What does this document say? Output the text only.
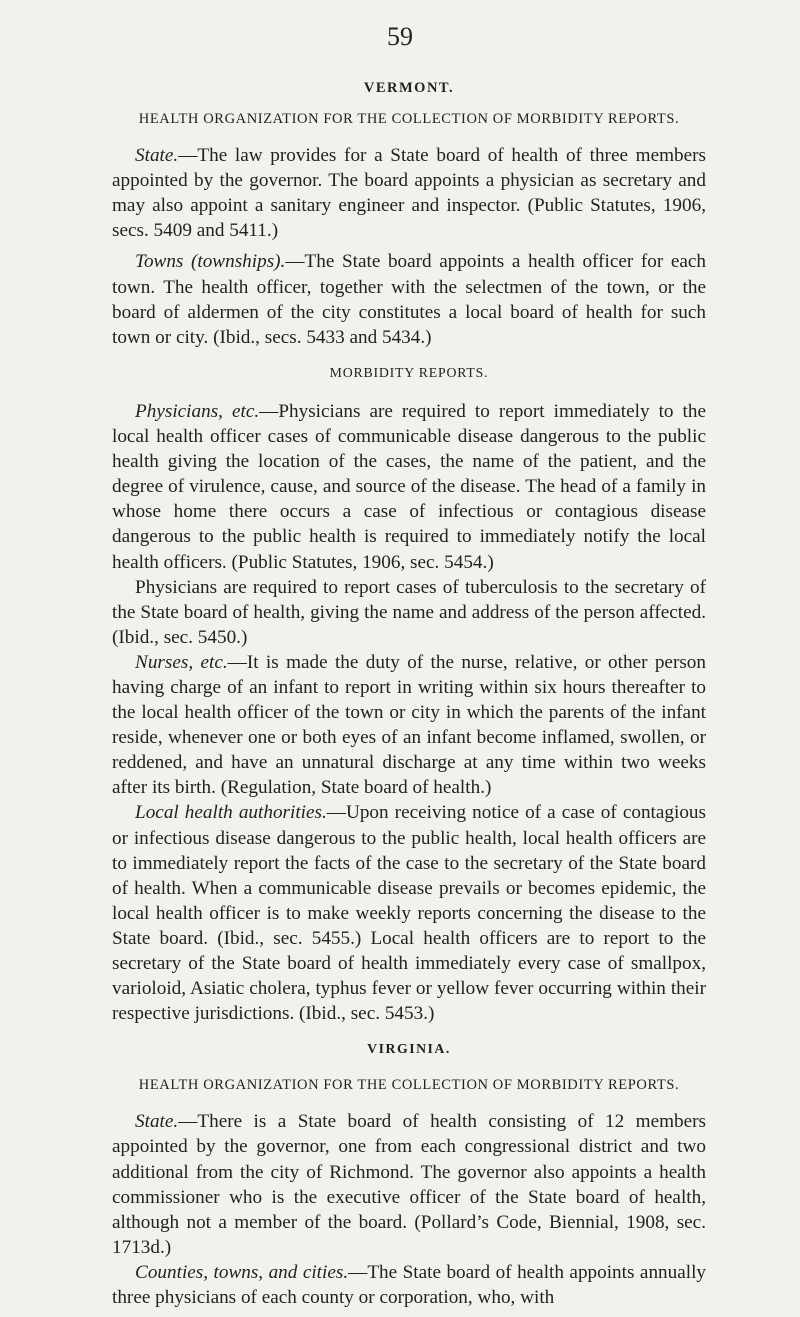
59
VERMONT.
HEALTH ORGANIZATION FOR THE COLLECTION OF MORBIDITY REPORTS.

State.—The law provides for a State board of health of three members appointed by the governor. The board appoints a physician as secretary and may also appoint a sanitary engineer and inspector. (Public Statutes, 1906, secs. 5409 and 5411.)

Towns (townships).—The State board appoints a health officer for each town. The health officer, together with the selectmen of the town, or the board of aldermen of the city constitutes a local board of health for such town or city. (Ibid., secs. 5433 and 5434.)

MORBIDITY REPORTS.

Physicians, etc.—Physicians are required to report immediately to the local health officer cases of communicable disease dangerous to the public health giving the location of the cases, the name of the patient, and the degree of virulence, cause, and source of the disease. The head of a family in whose home there occurs a case of infectious or contagious disease dangerous to the public health is required to immediately notify the local health officers. (Public Statutes, 1906, sec. 5454.)

Physicians are required to report cases of tuberculosis to the secretary of the State board of health, giving the name and address of the person affected. (Ibid., sec. 5450.)

Nurses, etc.—It is made the duty of the nurse, relative, or other person having charge of an infant to report in writing within six hours thereafter to the local health officer of the town or city in which the parents of the infant reside, whenever one or both eyes of an infant become inflamed, swollen, or reddened, and have an unnatural discharge at any time within two weeks after its birth. (Regulation, State board of health.)

Local health authorities.—Upon receiving notice of a case of contagious or infectious disease dangerous to the public health, local health officers are to immediately report the facts of the case to the secretary of the State board of health. When a communicable disease prevails or becomes epidemic, the local health officer is to make weekly reports concerning the disease to the State board. (Ibid., sec. 5455.) Local health officers are to report to the secretary of the State board of health immediately every case of smallpox, varioloid, Asiatic cholera, typhus fever or yellow fever occurring within their respective jurisdictions. (Ibid., sec. 5453.)

VIRGINIA.
HEALTH ORGANIZATION FOR THE COLLECTION OF MORBIDITY REPORTS.

State.—There is a State board of health consisting of 12 members appointed by the governor, one from each congressional district and two additional from the city of Richmond. The governor also appoints a health commissioner who is the executive officer of the State board of health, although not a member of the board. (Pollard’s Code, Biennial, 1908, sec. 1713d.)

Counties, towns, and cities.—The State board of health appoints annually three physicians of each county or corporation, who, with
